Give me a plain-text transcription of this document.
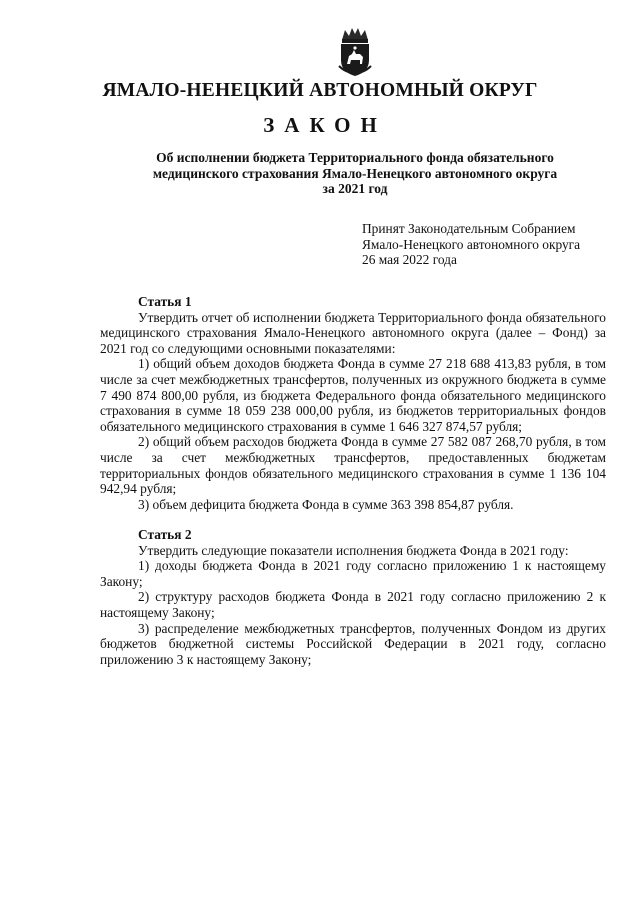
ЯМАЛО-НЕНЕЦКИЙ АВТОНОМНЫЙ ОКРУГ
ЗАКОН
Об исполнении бюджета Территориального фонда обязательного
медицинского страхования Ямало-Ненецкого автономного округа
за 2021 год
Принят Законодательным Собранием
Ямало-Ненецкого автономного округа
26 мая 2022 года
Статья 1
Утвердить отчет об исполнении бюджета Территориального фонда обязательного медицинского страхования Ямало-Ненецкого автономного округа (далее – Фонд) за 2021 год со следующими основными показателями:
1) общий объем доходов бюджета Фонда в сумме 27 218 688 413,83 рубля, в том числе за счет межбюджетных трансфертов, полученных из окружного бюджета в сумме 7 490 874 800,00 рубля, из бюджета Федерального фонда обязательного медицинского страхования в сумме 18 059 238 000,00 рубля, из бюджетов территориальных фондов обязательного медицинского страхования в сумме 1 646 327 874,57 рубля;
2) общий объем расходов бюджета Фонда в сумме 27 582 087 268,70 рубля, в том числе за счет межбюджетных трансфертов, предоставленных бюджетам территориальных фондов обязательного медицинского страхования в сумме 1 136 104 942,94 рубля;
3) объем дефицита бюджета Фонда в сумме 363 398 854,87 рубля.
Статья 2
Утвердить следующие показатели исполнения бюджета Фонда в 2021 году:
1) доходы бюджета Фонда в 2021 году согласно приложению 1 к настоящему Закону;
2) структуру расходов бюджета Фонда в 2021 году согласно приложению 2 к настоящему Закону;
3) распределение межбюджетных трансфертов, полученных Фондом из других бюджетов бюджетной системы Российской Федерации в 2021 году, согласно приложению 3 к настоящему Закону;
